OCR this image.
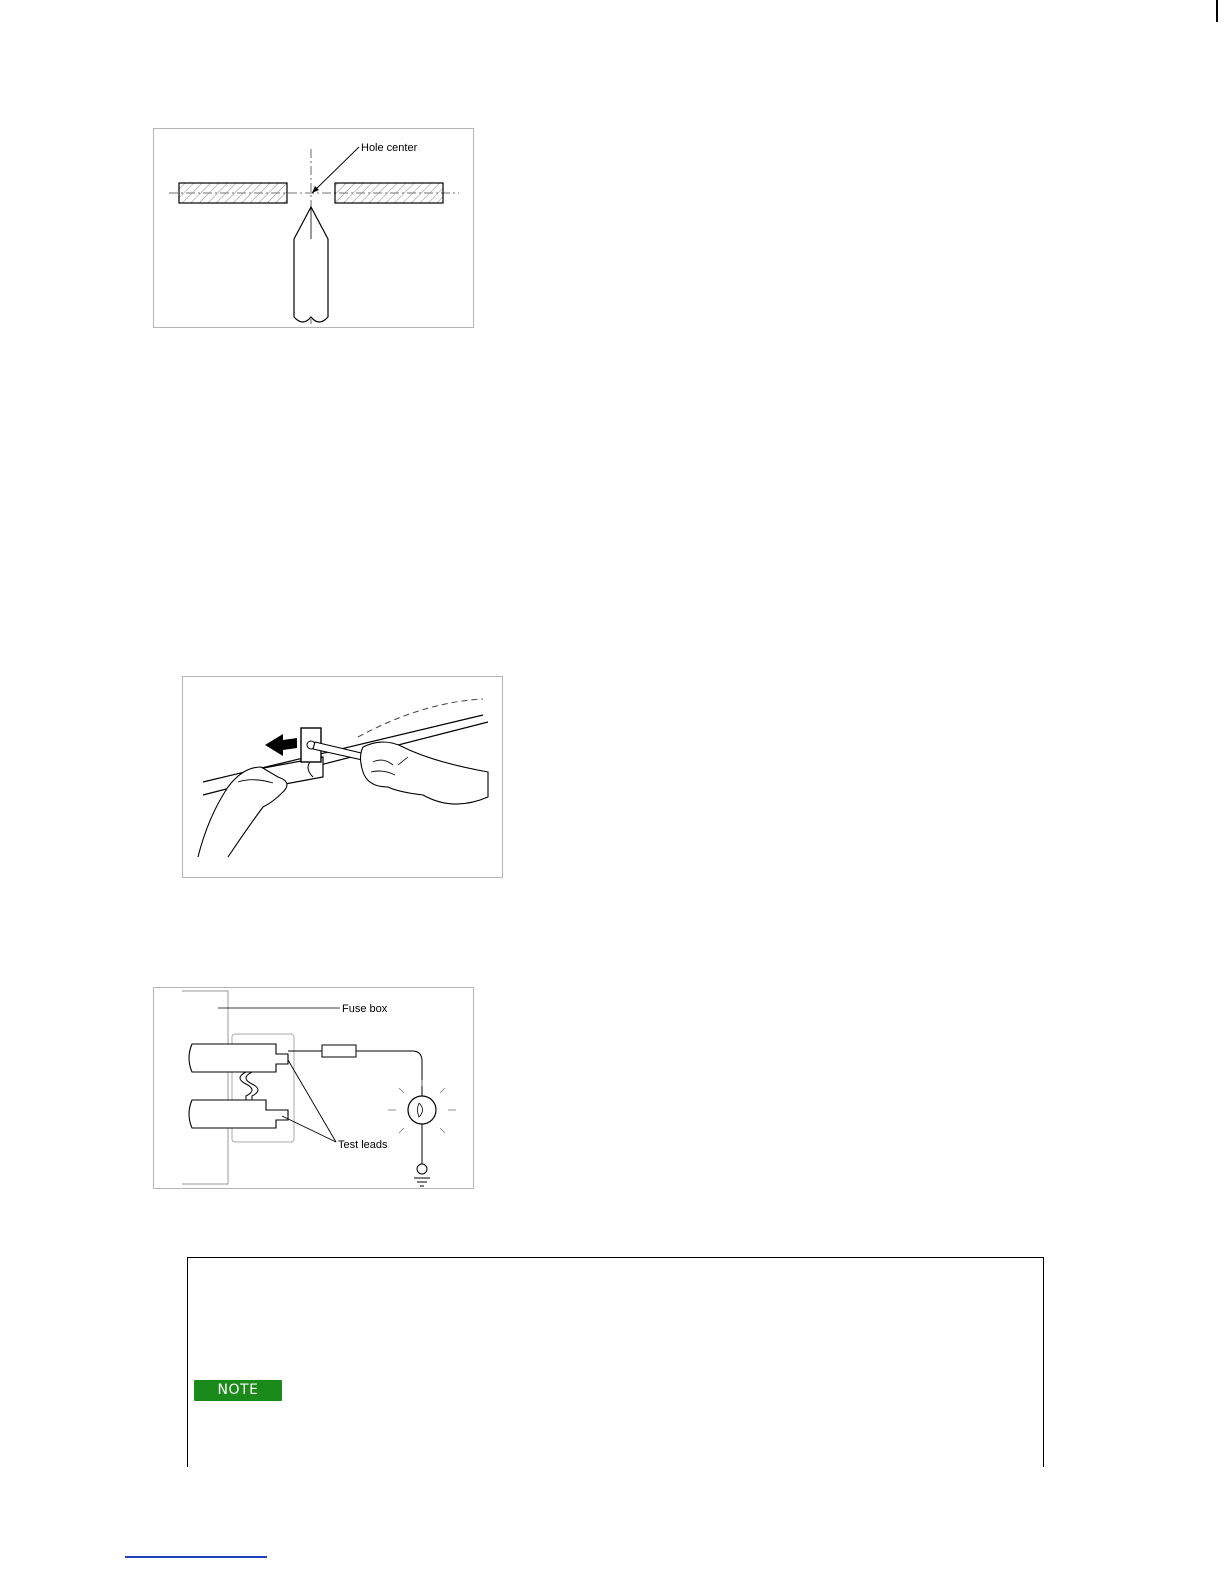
Hole center
Fuse box
Test leads
NOTE
